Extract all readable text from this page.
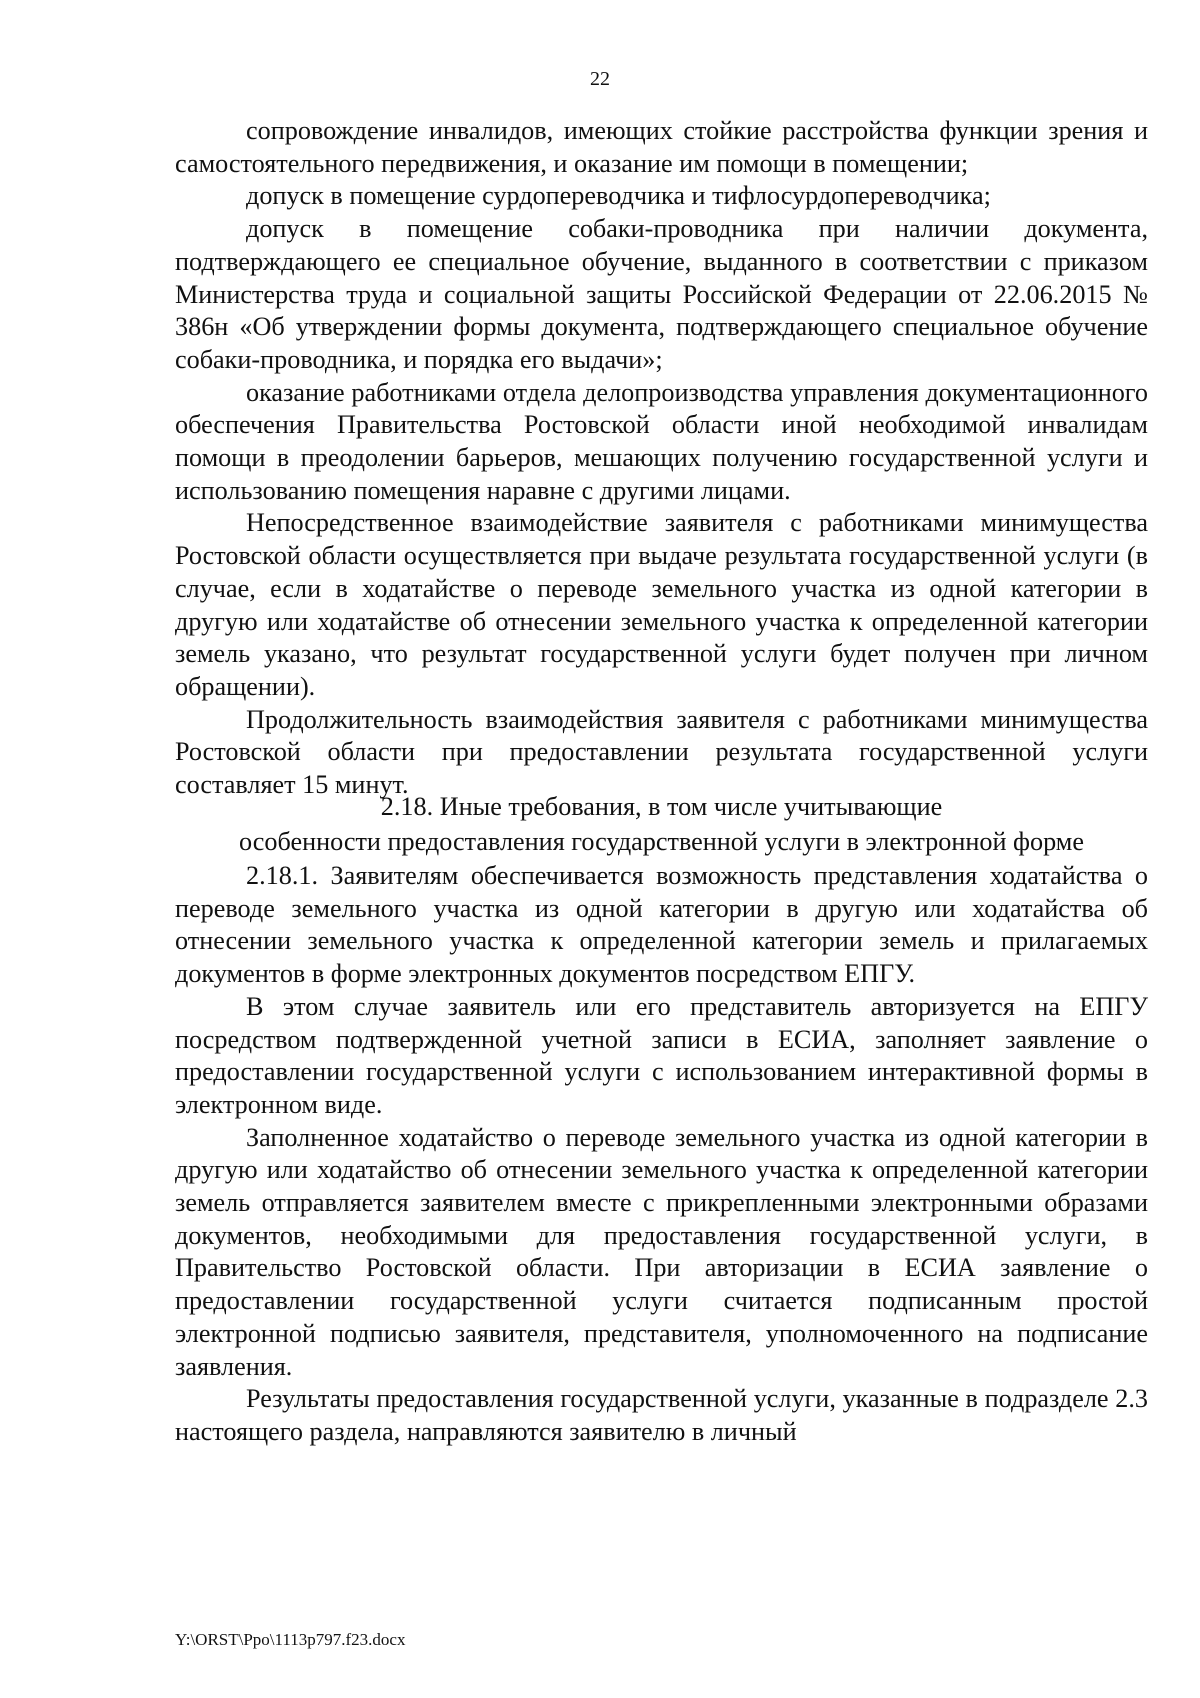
22

сопровождение инвалидов, имеющих стойкие расстройства функции зрения и самостоятельного передвижения, и оказание им помощи в помещении;

допуск в помещение сурдопереводчика и тифлосурдопереводчика;

допуск в помещение собаки-проводника при наличии документа, подтверждающего ее специальное обучение, выданного в соответствии с приказом Министерства труда и социальной защиты Российской Федерации от 22.06.2015 № 386н «Об утверждении формы документа, подтверждающего специальное обучение собаки-проводника, и порядка его выдачи»;

оказание работниками отдела делопроизводства управления документационного обеспечения Правительства Ростовской области иной необходимой инвалидам помощи в преодолении барьеров, мешающих получению государственной услуги и использованию помещения наравне с другими лицами.

Непосредственное взаимодействие заявителя с работниками минимущества Ростовской области осуществляется при выдаче результата государственной услуги (в случае, если в ходатайстве о переводе земельного участка из одной категории в другую или ходатайстве об отнесении земельного участка к определенной категории земель указано, что результат государственной услуги будет получен при личном обращении).

Продолжительность взаимодействия заявителя с работниками минимущества Ростовской области при предоставлении результата государственной услуги составляет 15 минут.

2.18. Иные требования, в том числе учитывающие
особенности предоставления государственной услуги в электронной форме

2.18.1. Заявителям обеспечивается возможность представления ходатайства о переводе земельного участка из одной категории в другую или ходатайства об отнесении земельного участка к определенной категории земель и прилагаемых документов в форме электронных документов посредством ЕПГУ.

В этом случае заявитель или его представитель авторизуется на ЕПГУ посредством подтвержденной учетной записи в ЕСИА, заполняет заявление о предоставлении государственной услуги с использованием интерактивной формы в электронном виде.

Заполненное ходатайство о переводе земельного участка из одной категории в другую или ходатайство об отнесении земельного участка к определенной категории земель отправляется заявителем вместе с прикрепленными электронными образами документов, необходимыми для предоставления государственной услуги, в Правительство Ростовской области. При авторизации в ЕСИА заявление о предоставлении государственной услуги считается подписанным простой электронной подписью заявителя, представителя, уполномоченного на подписание заявления.

Результаты предоставления государственной услуги, указанные в подразделе 2.3 настоящего раздела, направляются заявителю в личный

Y:\ORST\Ppo\1113p797.f23.docx
